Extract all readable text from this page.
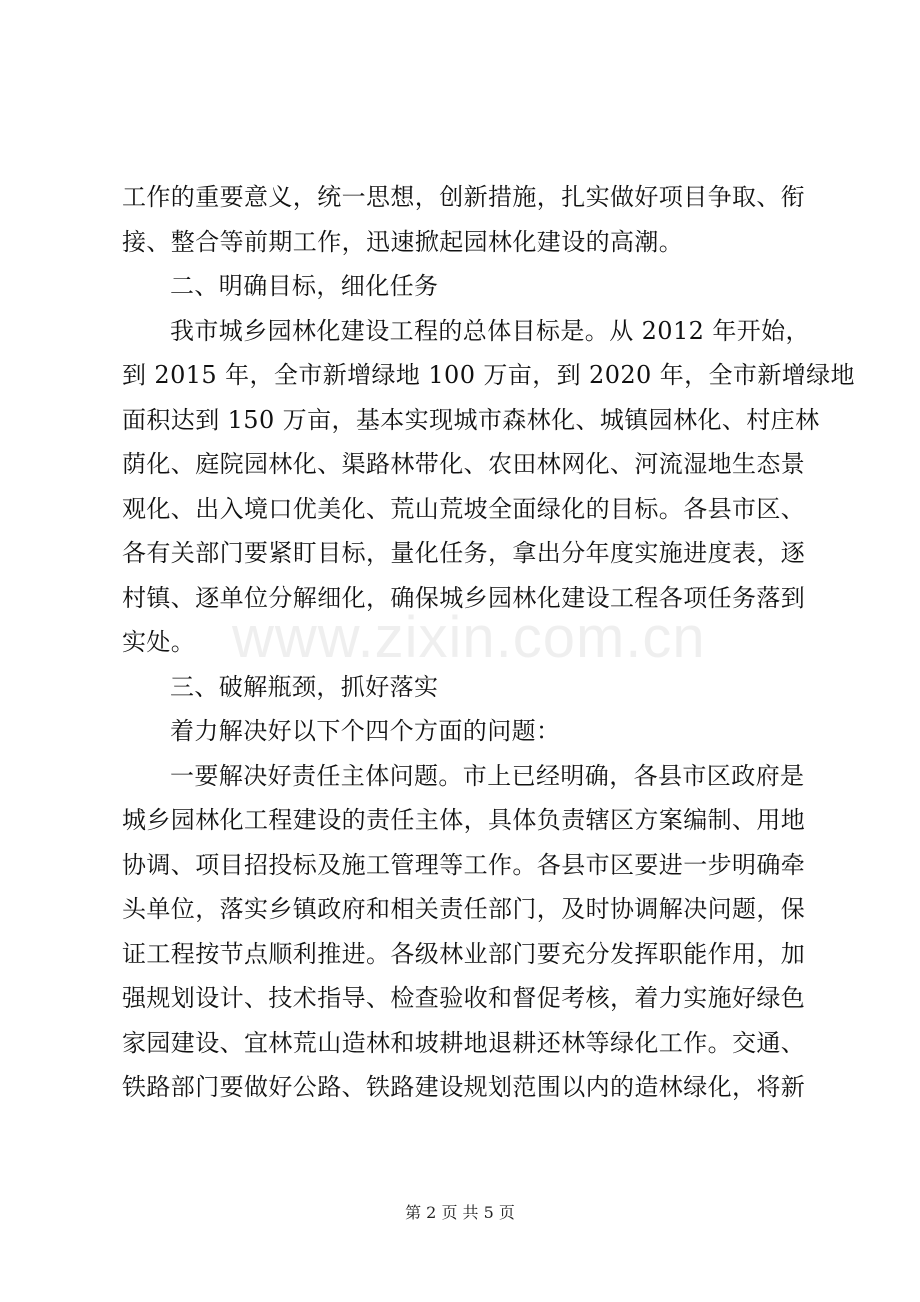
工作的重要意义，统一思想，创新措施，扎实做好项目争取、衔
接、整合等前期工作，迅速掀起园林化建设的高潮。
二、明确目标，细化任务
我市城乡园林化建设工程的总体目标是。从 2012 年开始，
到 2015 年，全市新增绿地 100 万亩，到 2020 年，全市新增绿地
面积达到 150 万亩，基本实现城市森林化、城镇园林化、村庄林
荫化、庭院园林化、渠路林带化、农田林网化、河流湿地生态景
观化、出入境口优美化、荒山荒坡全面绿化的目标。各县市区、
各有关部门要紧盯目标，量化任务，拿出分年度实施进度表，逐
村镇、逐单位分解细化，确保城乡园林化建设工程各项任务落到
实处。
三、破解瓶颈，抓好落实
着力解决好以下个四个方面的问题：
一要解决好责任主体问题。市上已经明确，各县市区政府是
城乡园林化工程建设的责任主体，具体负责辖区方案编制、用地
协调、项目招投标及施工管理等工作。各县市区要进一步明确牵
头单位，落实乡镇政府和相关责任部门，及时协调解决问题，保
证工程按节点顺利推进。各级林业部门要充分发挥职能作用，加
强规划设计、技术指导、检查验收和督促考核，着力实施好绿色
家园建设、宜林荒山造林和坡耕地退耕还林等绿化工作。交通、
铁路部门要做好公路、铁路建设规划范围以内的造林绿化，将新
www.zixin.com.cn
第 2 页 共 5 页
